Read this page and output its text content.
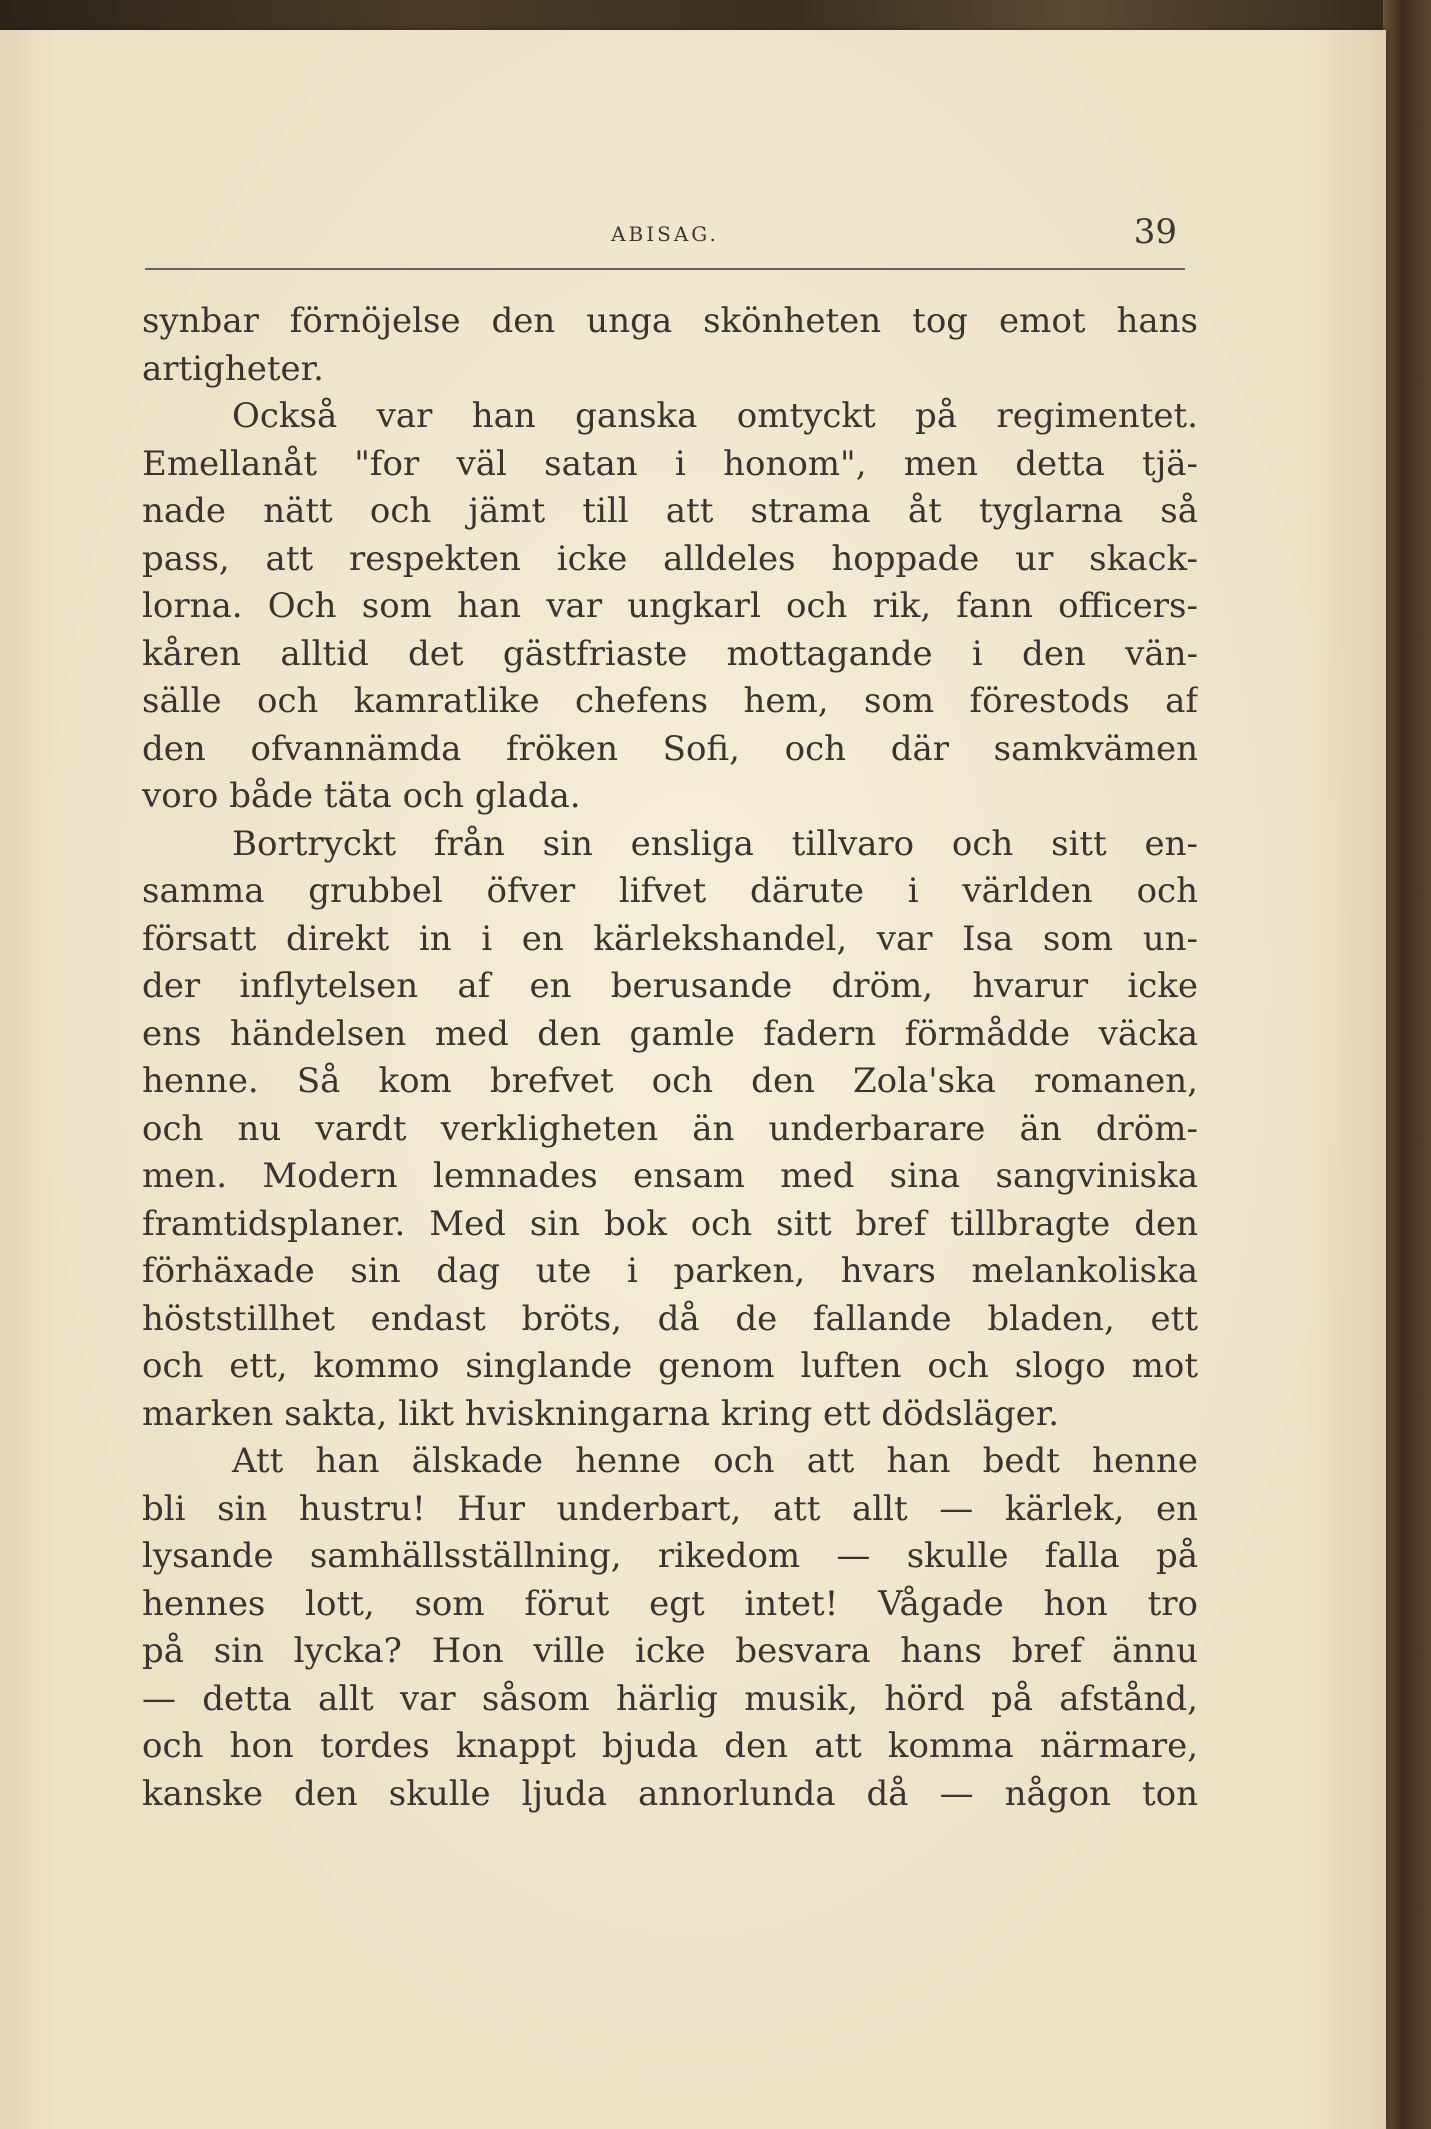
ABISAG.	39
synbar förnöjelse den unga skönheten tog emot hans
artigheter.
Också var han ganska omtyckt på regimentet.
Emellanåt "for väl satan i honom", men detta tjä-
nade nätt och jämt till att strama åt tyglarna så
pass, att respekten icke alldeles hoppade ur skack-
lorna. Och som han var ungkarl och rik, fann officers-
kåren alltid det gästfriaste mottagande i den vän-
sälle och kamratlike chefens hem, som förestods af
den ofvannämda fröken Sofi, och där samkvämen
voro både täta och glada.
Bortryckt från sin ensliga tillvaro och sitt en-
samma grubbel öfver lifvet därute i världen och
försatt direkt in i en kärlekshandel, var Isa som un-
der inflytelsen af en berusande dröm, hvarur icke
ens händelsen med den gamle fadern förmådde väcka
henne. Så kom brefvet och den Zola'ska romanen,
och nu vardt verkligheten än underbarare än dröm-
men. Modern lemnades ensam med sina sangviniska
framtidsplaner. Med sin bok och sitt bref tillbragte den
förhäxade sin dag ute i parken, hvars melankoliska
höststillhet endast bröts, då de fallande bladen, ett
och ett, kommo singlande genom luften och slogo mot
marken sakta, likt hviskningarna kring ett dödsläger.
Att han älskade henne och att han bedt henne
bli sin hustru! Hur underbart, att allt — kärlek, en
lysande samhällsställning, rikedom — skulle falla på
hennes lott, som förut egt intet! Vågade hon tro
på sin lycka? Hon ville icke besvara hans bref ännu
— detta allt var såsom härlig musik, hörd på afstånd,
och hon tordes knappt bjuda den att komma närmare,
kanske den skulle ljuda annorlunda då — någon ton
